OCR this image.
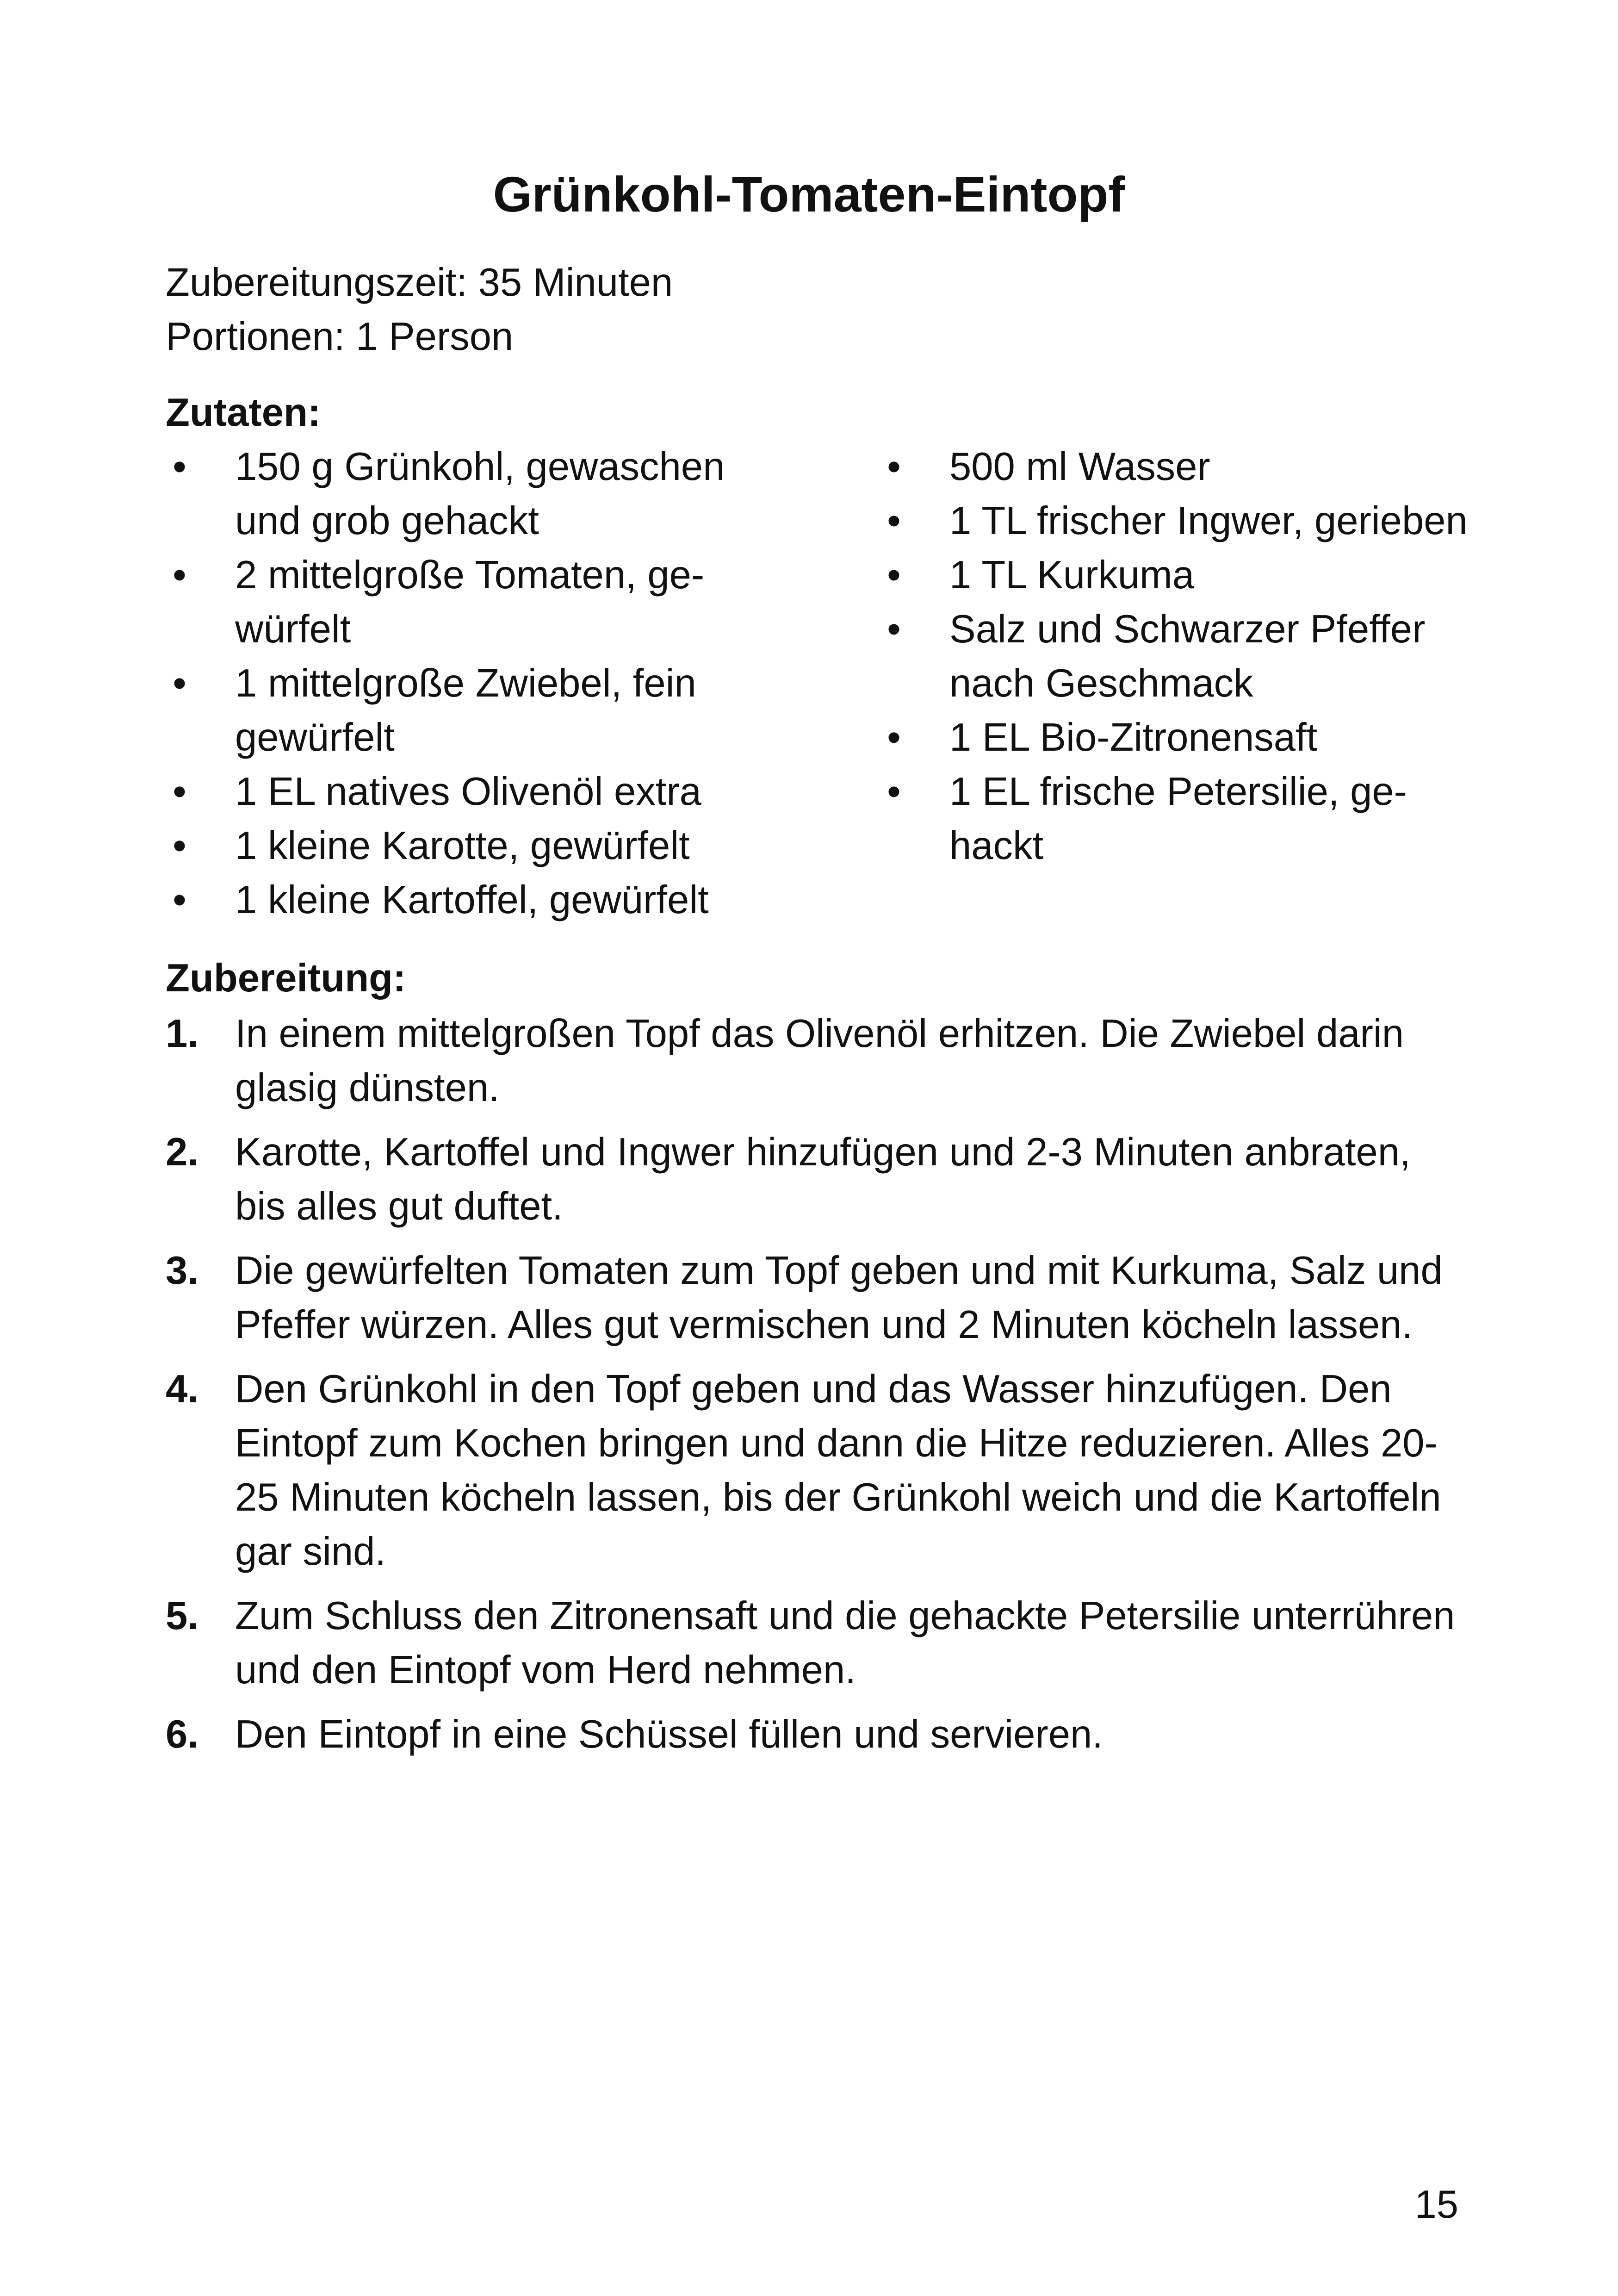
Grünkohl-Tomaten-Eintopf
Zubereitungszeit: 35 Minuten
Portionen: 1 Person
Zutaten:
• 150 g Grünkohl, gewaschen und grob gehackt
• 2 mittelgroße Tomaten, gewürfelt
• 1 mittelgroße Zwiebel, fein gewürfelt
• 1 EL natives Olivenöl extra
• 1 kleine Karotte, gewürfelt
• 1 kleine Kartoffel, gewürfelt
• 500 ml Wasser
• 1 TL frischer Ingwer, gerieben
• 1 TL Kurkuma
• Salz und Schwarzer Pfeffer nach Geschmack
• 1 EL Bio-Zitronensaft
• 1 EL frische Petersilie, gehackt
Zubereitung:
1. In einem mittelgroßen Topf das Olivenöl erhitzen. Die Zwiebel darin glasig dünsten.
2. Karotte, Kartoffel und Ingwer hinzufügen und 2-3 Minuten anbraten, bis alles gut duftet.
3. Die gewürfelten Tomaten zum Topf geben und mit Kurkuma, Salz und Pfeffer würzen. Alles gut vermischen und 2 Minuten köcheln lassen.
4. Den Grünkohl in den Topf geben und das Wasser hinzufügen. Den Eintopf zum Kochen bringen und dann die Hitze reduzieren. Alles 20-25 Minuten köcheln lassen, bis der Grünkohl weich und die Kartoffeln gar sind.
5. Zum Schluss den Zitronensaft und die gehackte Petersilie unterrühren und den Eintopf vom Herd nehmen.
6. Den Eintopf in eine Schüssel füllen und servieren.
15
